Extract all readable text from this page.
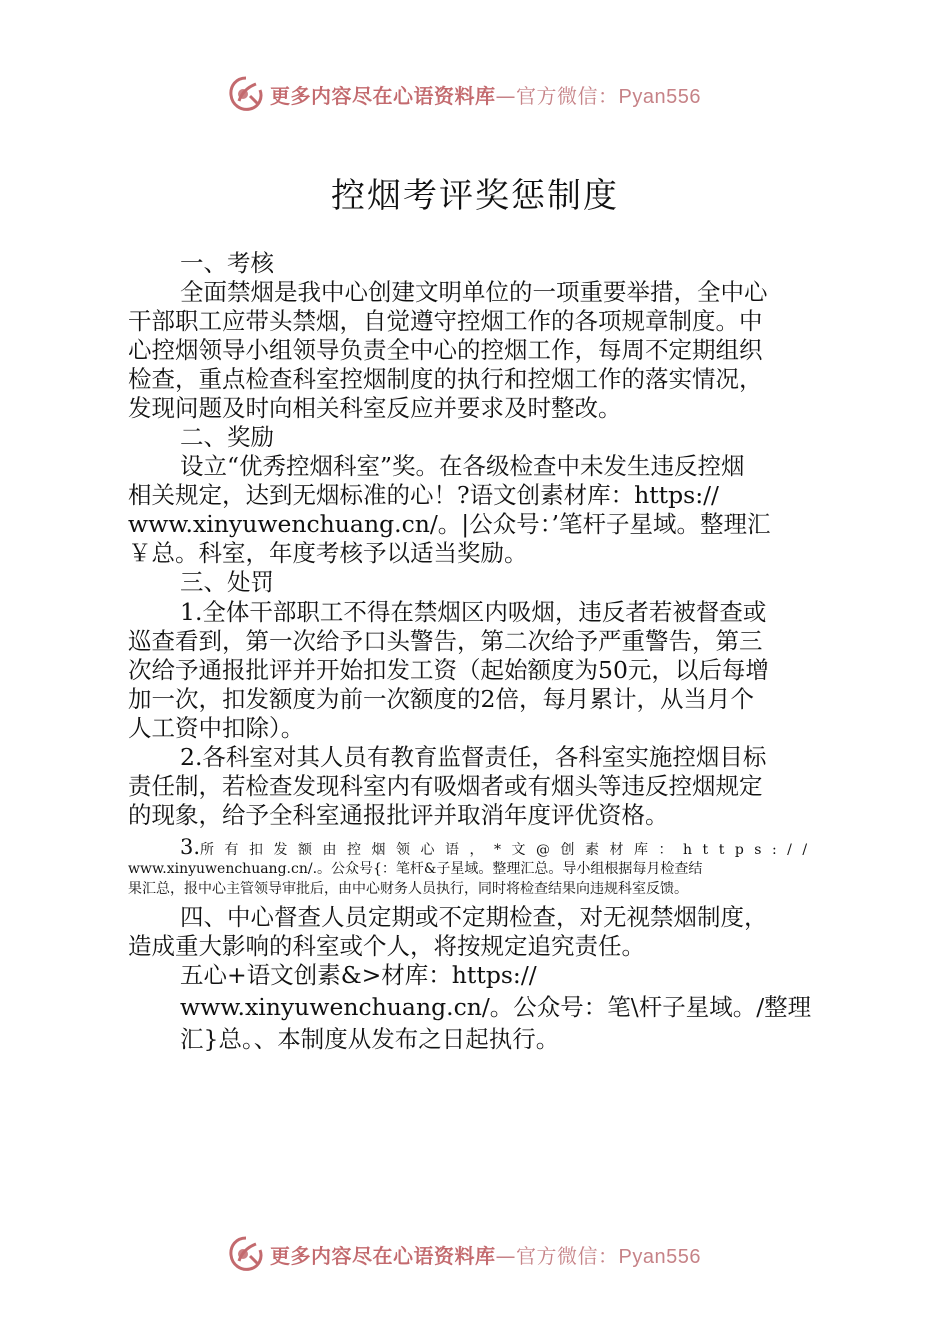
更多内容尽在心语资料库—官方微信：Pyan556
控烟考评奖惩制度
一、考核
全面禁烟是我中心创建文明单位的一项重要举措，全中心
干部职工应带头禁烟，自觉遵守控烟工作的各项规章制度。中
心控烟领导小组领导负责全中心的控烟工作，每周不定期组织
检查，重点检查科室控烟制度的执行和控烟工作的落实情况，
发现问题及时向相关科室反应并要求及时整改。
二、奖励
设立“优秀控烟科室”奖。在各级检查中未发生违反控烟
相关规定，达到无烟标准的心！?语文创素材库：https://
www.xinyuwenchuang.cn/。|公众号：’笔杆子星域。整理汇
￥总。科室，年度考核予以适当奖励。
三、处罚
1.全体干部职工不得在禁烟区内吸烟，违反者若被督查或
巡查看到，第一次给予口头警告，第二次给予严重警告，第三
次给予通报批评并开始扣发工资（起始额度为50元，以后每增
加一次，扣发额度为前一次额度的2倍，每月累计，从当月个
人工资中扣除）。
2.各科室对其人员有教育监督责任，各科室实施控烟目标
责任制，若检查发现科室内有吸烟者或有烟头等违反控烟规定
的现象，给予全科室通报批评并取消年度评优资格。
3.所有扣发额由控烟领心语，*文@创素材库：https://
www.xinyuwenchuang.cn/.。公众号{：笔杆&子星域。整理汇总。导小组根据每月检查结
果汇总，报中心主管领导审批后，由中心财务人员执行，同时将检查结果向违规科室反馈。
四、中心督查人员定期或不定期检查，对无视禁烟制度，
造成重大影响的科室或个人，将按规定追究责任。
五心+语文创素&>材库：https://
www.xinyuwenchuang.cn/。公众号：笔\杆子星域。/整理
汇}总。、本制度从发布之日起执行。
更多内容尽在心语资料库—官方微信：Pyan556
